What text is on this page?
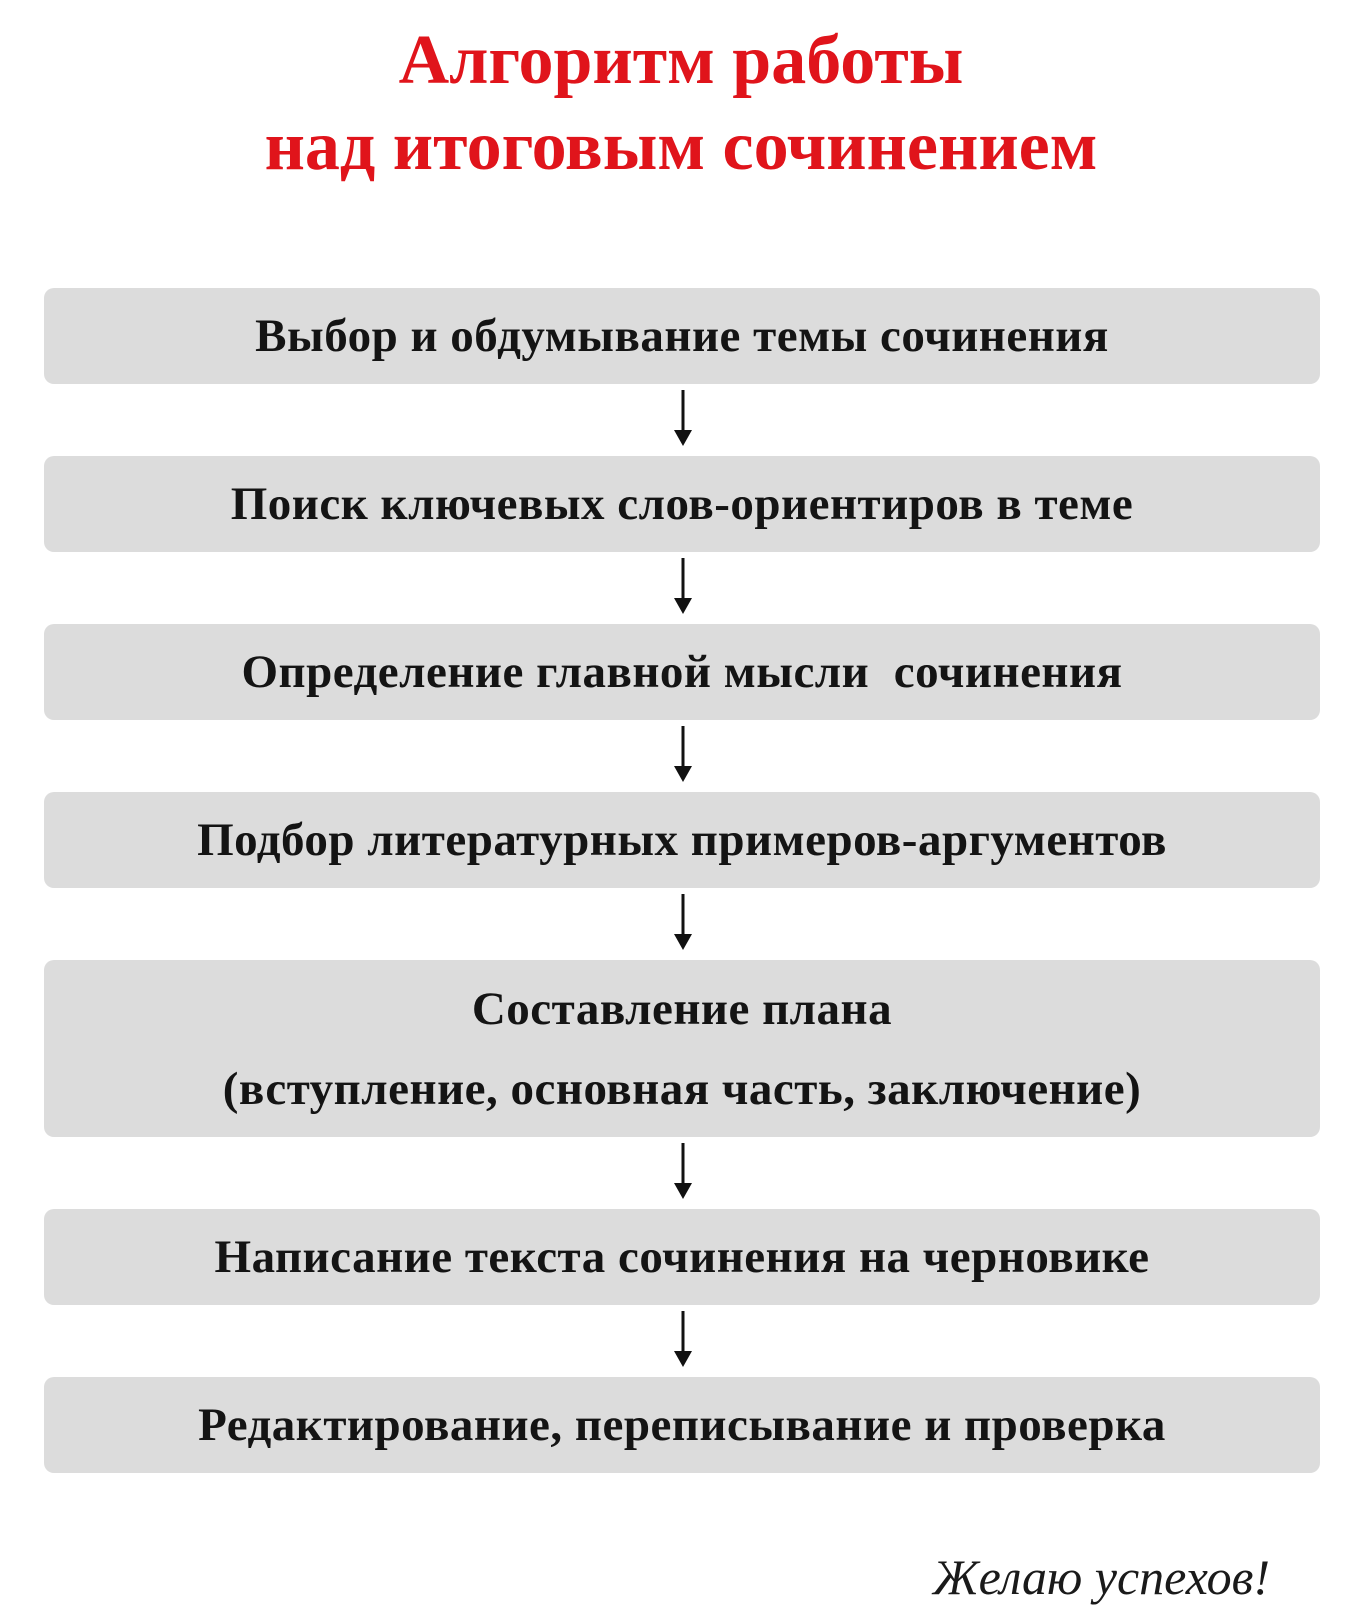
Алгоритм работы
над итоговым сочинением
Выбор и обдумывание темы сочинения
Поиск ключевых слов-ориентиров в теме
Определение главной мысли  сочинения
Подбор литературных примеров-аргументов
Составление плана
(вступление, основная часть, заключение)
Написание текста сочинения на черновике
Редактирование, переписывание и проверка
Желаю успехов!
